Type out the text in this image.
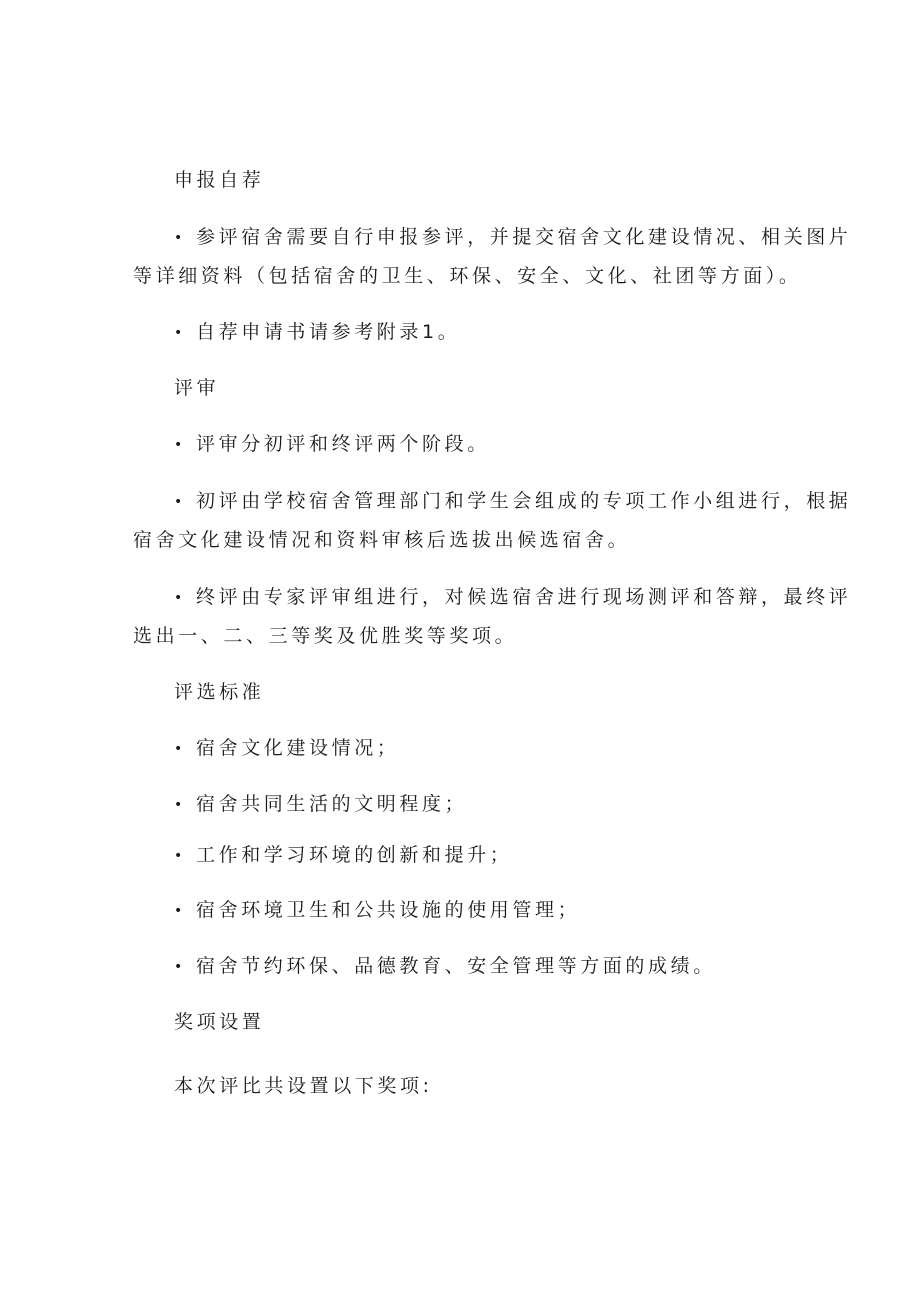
申报自荐
• 参评宿舍需要自行申报参评，并提交宿舍文化建设情况、相关图片
等详细资料（包括宿舍的卫生、环保、安全、文化、社团等方面）。
• 自荐申请书请参考附录1。
评审
• 评审分初评和终评两个阶段。
• 初评由学校宿舍管理部门和学生会组成的专项工作小组进行，根据
宿舍文化建设情况和资料审核后选拔出候选宿舍。
• 终评由专家评审组进行，对候选宿舍进行现场测评和答辩，最终评
选出一、二、三等奖及优胜奖等奖项。
评选标准
• 宿舍文化建设情况；
• 宿舍共同生活的文明程度；
• 工作和学习环境的创新和提升；
• 宿舍环境卫生和公共设施的使用管理；
• 宿舍节约环保、品德教育、安全管理等方面的成绩。
奖项设置
本次评比共设置以下奖项:
